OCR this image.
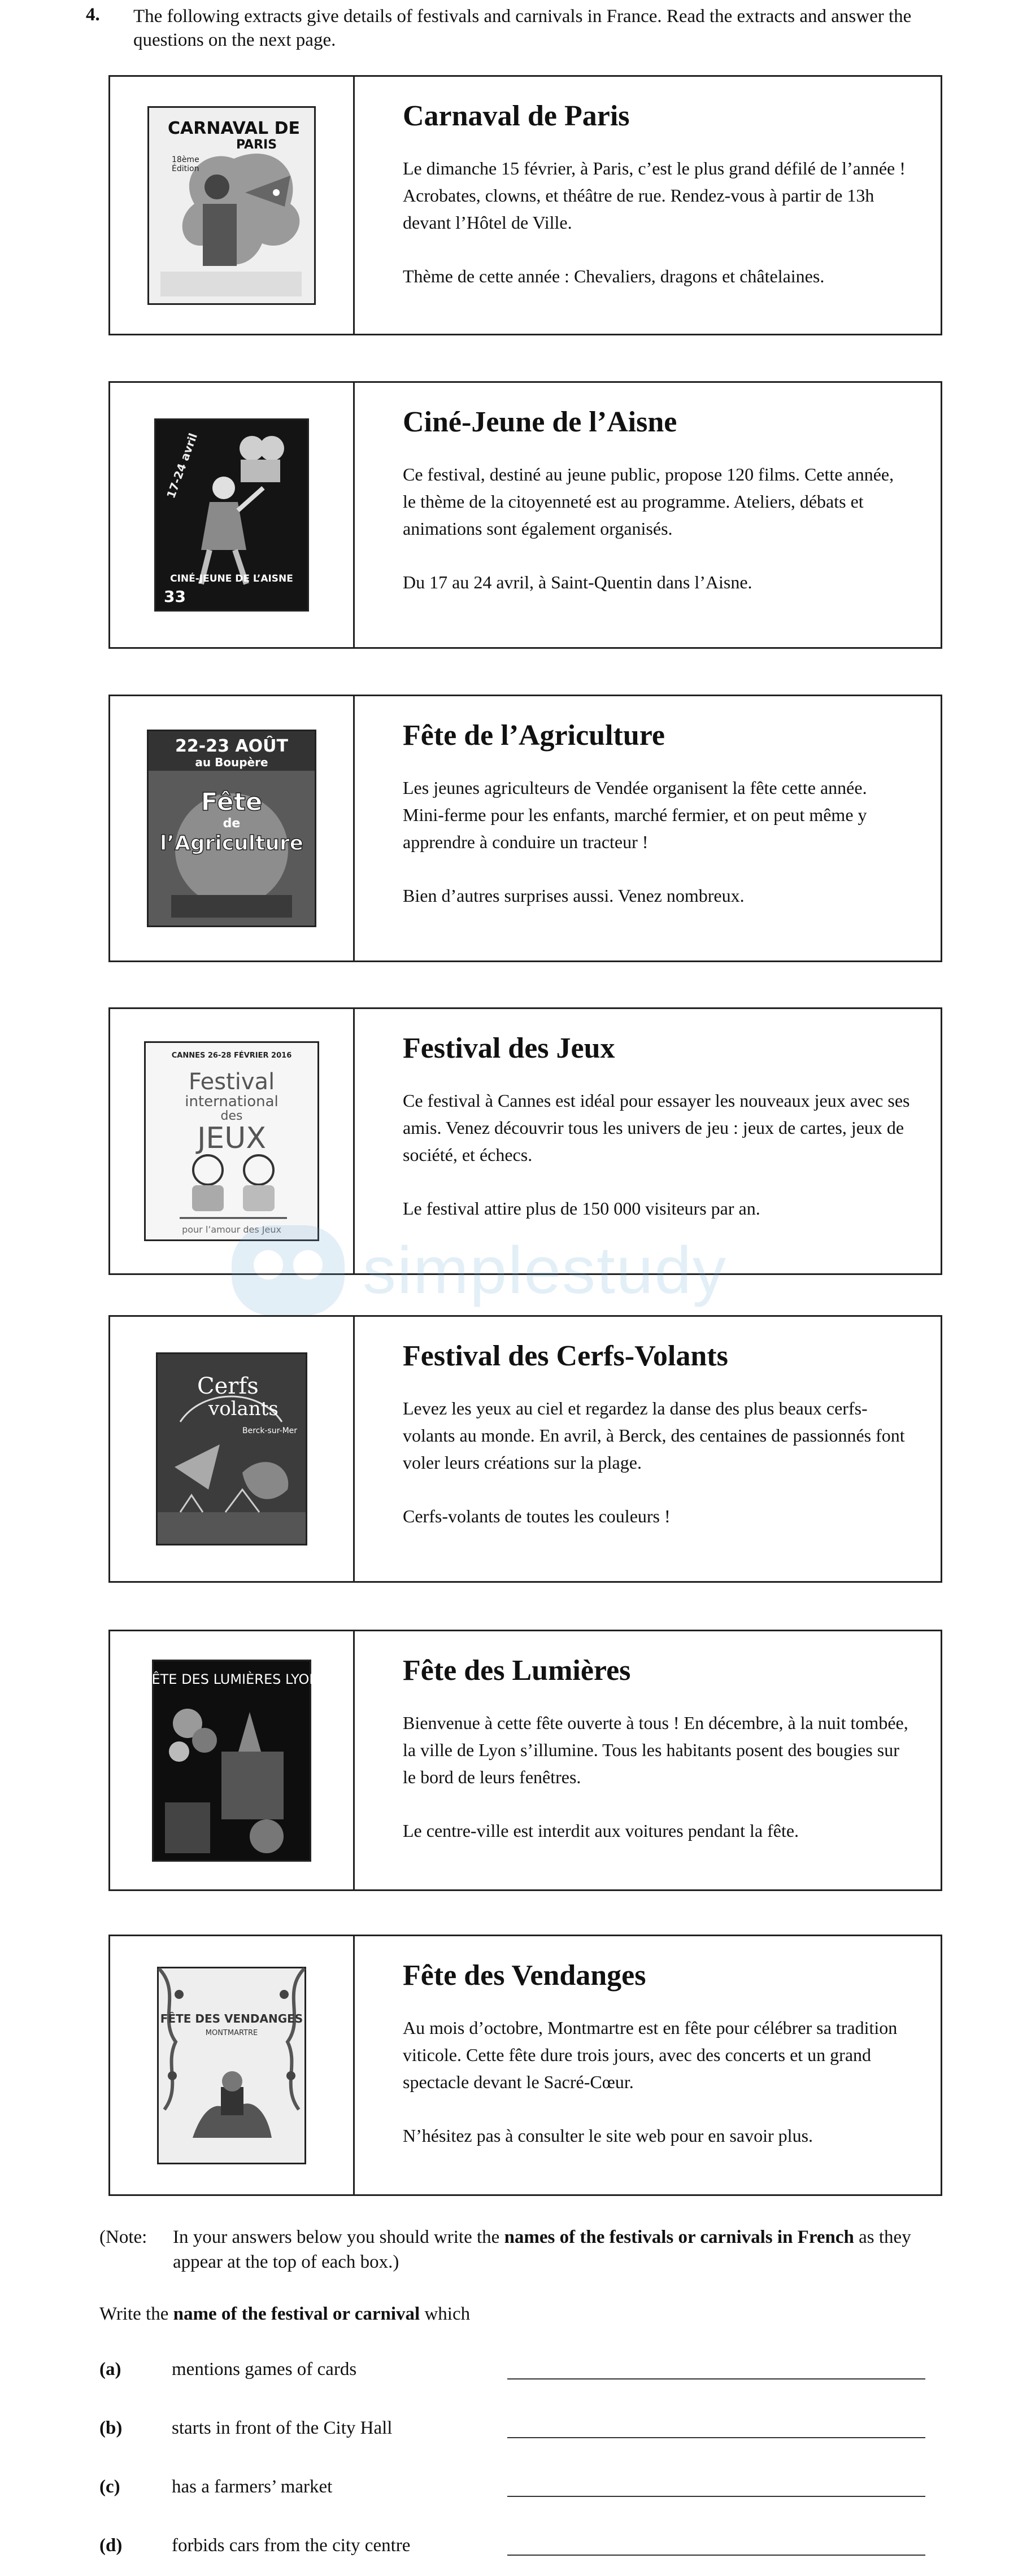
4. The following extracts give details of festivals and carnivals in France. Read the extracts and answer the questions on the next page.
CARNAVAL DE
PARIS
18ème
Édition
Carnaval de Paris

Le dimanche 15 février, à Paris, c’est le plus grand défilé de l’année ! Acrobates, clowns, et théâtre de rue. Rendez-vous à partir de 13h devant l’Hôtel de Ville.

Thème de cette année : Chevaliers, dragons et châtelaines.

17-24 avril
CINÉ-JEUNE DE L’AISNE
33
Ciné-Jeune de l’Aisne

Ce festival, destiné au jeune public, propose 120 films. Cette année, le thème de la citoyenneté est au programme. Ateliers, débats et animations sont également organisés.

Du 17 au 24 avril, à Saint-Quentin dans l’Aisne.

22-23 AOÛT
au Boupère
Fête
de
l’Agriculture
Fête de l’Agriculture

Les jeunes agriculteurs de Vendée organisent la fête cette année. Mini-ferme pour les enfants, marché fermier, et on peut même y apprendre à conduire un tracteur !

Bien d’autres surprises aussi. Venez nombreux.

CANNES 26-28 FÉVRIER 2016
Festival
international
des
JEUX
pour l’amour des Jeux
Festival des Jeux

Ce festival à Cannes est idéal pour essayer les nouveaux jeux avec ses amis. Venez découvrir tous les univers de jeu : jeux de cartes, jeux de société, et échecs.

Le festival attire plus de 150 000 visiteurs par an.

simplestudy
Cerfs
volants
Berck-sur-Mer
Festival des Cerfs-Volants

Levez les yeux au ciel et regardez la danse des plus beaux cerfs-volants au monde. En avril, à Berck, des centaines de passionnés font voler leurs créations sur la plage.

Cerfs-volants de toutes les couleurs !

FÊTE DES LUMIÈRES LYON	Fête des Lumières

Bienvenue à cette fête ouverte à tous ! En décembre, à la nuit tombée, la ville de Lyon s’illumine. Tous les habitants posent des bougies sur le bord de leurs fenêtres.

Le centre-ville est interdit aux voitures pendant la fête.

FÊTE DES VENDANGES
MONTMARTRE
Fête des Vendanges

Au mois d’octobre, Montmartre est en fête pour célébrer sa tradition viticole. Cette fête dure trois jours, avec des concerts et un grand spectacle devant le Sacré-Cœur.

N’hésitez pas à consulter le site web pour en savoir plus.

(Note: In your answers below you should write the names of the festivals or carnivals in French as they appear at the top of each box.)
Write the name of the festival or carnival which
(a)	mentions games of cards
(b)	starts in front of the City Hall
(c)	has a farmers’ market
(d)	forbids cars from the city centre
